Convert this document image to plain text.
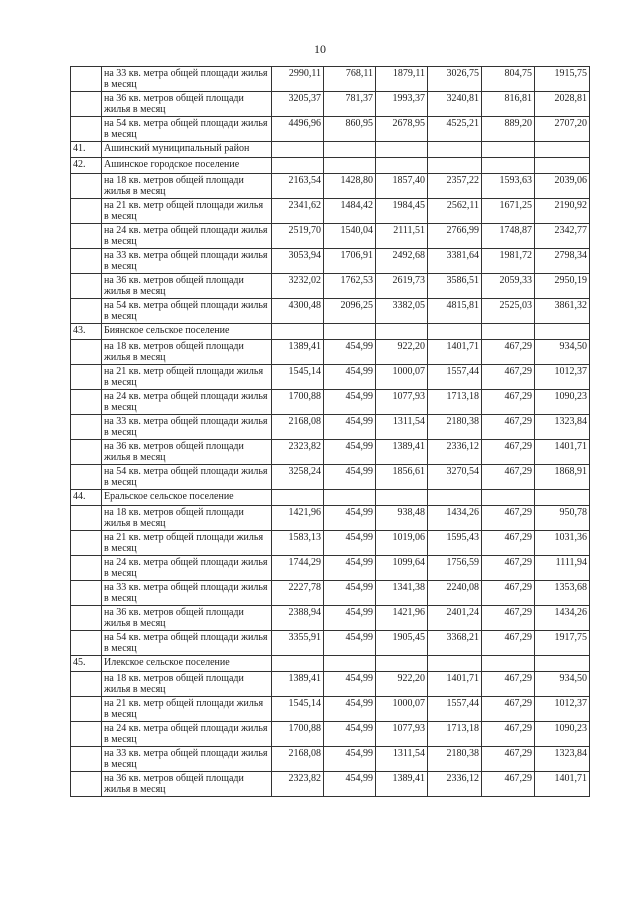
10
	на 33 кв. метра общей площади жилья в месяц	2990,11	768,11	1879,11	3026,75	804,75	1915,75
	на 36 кв. метров общей площади жилья в месяц	3205,37	781,37	1993,37	3240,81	816,81	2028,81
	на 54 кв. метра общей площади жилья в месяц	4496,96	860,95	2678,95	4525,21	889,20	2707,20
41.	Ашинский муниципальный район						
42.	Ашинское городское поселение						
	на 18 кв. метров общей площади жилья в месяц	2163,54	1428,80	1857,40	2357,22	1593,63	2039,06
	на 21 кв. метр общей площади жилья в месяц	2341,62	1484,42	1984,45	2562,11	1671,25	2190,92
	на 24 кв. метра общей площади жилья в месяц	2519,70	1540,04	2111,51	2766,99	1748,87	2342,77
	на 33 кв. метра общей площади жилья в месяц	3053,94	1706,91	2492,68	3381,64	1981,72	2798,34
	на 36 кв. метров общей площади жилья в месяц	3232,02	1762,53	2619,73	3586,51	2059,33	2950,19
	на 54 кв. метра общей площади жилья в месяц	4300,48	2096,25	3382,05	4815,81	2525,03	3861,32
43.	Биянское сельское поселение						
	на 18 кв. метров общей площади жилья в месяц	1389,41	454,99	922,20	1401,71	467,29	934,50
	на 21 кв. метр общей площади жилья в месяц	1545,14	454,99	1000,07	1557,44	467,29	1012,37
	на 24 кв. метра общей площади жилья в месяц	1700,88	454,99	1077,93	1713,18	467,29	1090,23
	на 33 кв. метра общей площади жилья в месяц	2168,08	454,99	1311,54	2180,38	467,29	1323,84
	на 36 кв. метров общей площади жилья в месяц	2323,82	454,99	1389,41	2336,12	467,29	1401,71
	на 54 кв. метра общей площади жилья в месяц	3258,24	454,99	1856,61	3270,54	467,29	1868,91
44.	Еральское сельское поселение						
	на 18 кв. метров общей площади жилья в месяц	1421,96	454,99	938,48	1434,26	467,29	950,78
	на 21 кв. метр общей площади жилья в месяц	1583,13	454,99	1019,06	1595,43	467,29	1031,36
	на 24 кв. метра общей площади жилья в месяц	1744,29	454,99	1099,64	1756,59	467,29	1111,94
	на 33 кв. метра общей площади жилья в месяц	2227,78	454,99	1341,38	2240,08	467,29	1353,68
	на 36 кв. метров общей площади жилья в месяц	2388,94	454,99	1421,96	2401,24	467,29	1434,26
	на 54 кв. метра общей площади жилья в месяц	3355,91	454,99	1905,45	3368,21	467,29	1917,75
45.	Илекское сельское поселение						
	на 18 кв. метров общей площади жилья в месяц	1389,41	454,99	922,20	1401,71	467,29	934,50
	на 21 кв. метр общей площади жилья в месяц	1545,14	454,99	1000,07	1557,44	467,29	1012,37
	на 24 кв. метра общей площади жилья в месяц	1700,88	454,99	1077,93	1713,18	467,29	1090,23
	на 33 кв. метра общей площади жилья в месяц	2168,08	454,99	1311,54	2180,38	467,29	1323,84
	на 36 кв. метров общей площади жилья в месяц	2323,82	454,99	1389,41	2336,12	467,29	1401,71
